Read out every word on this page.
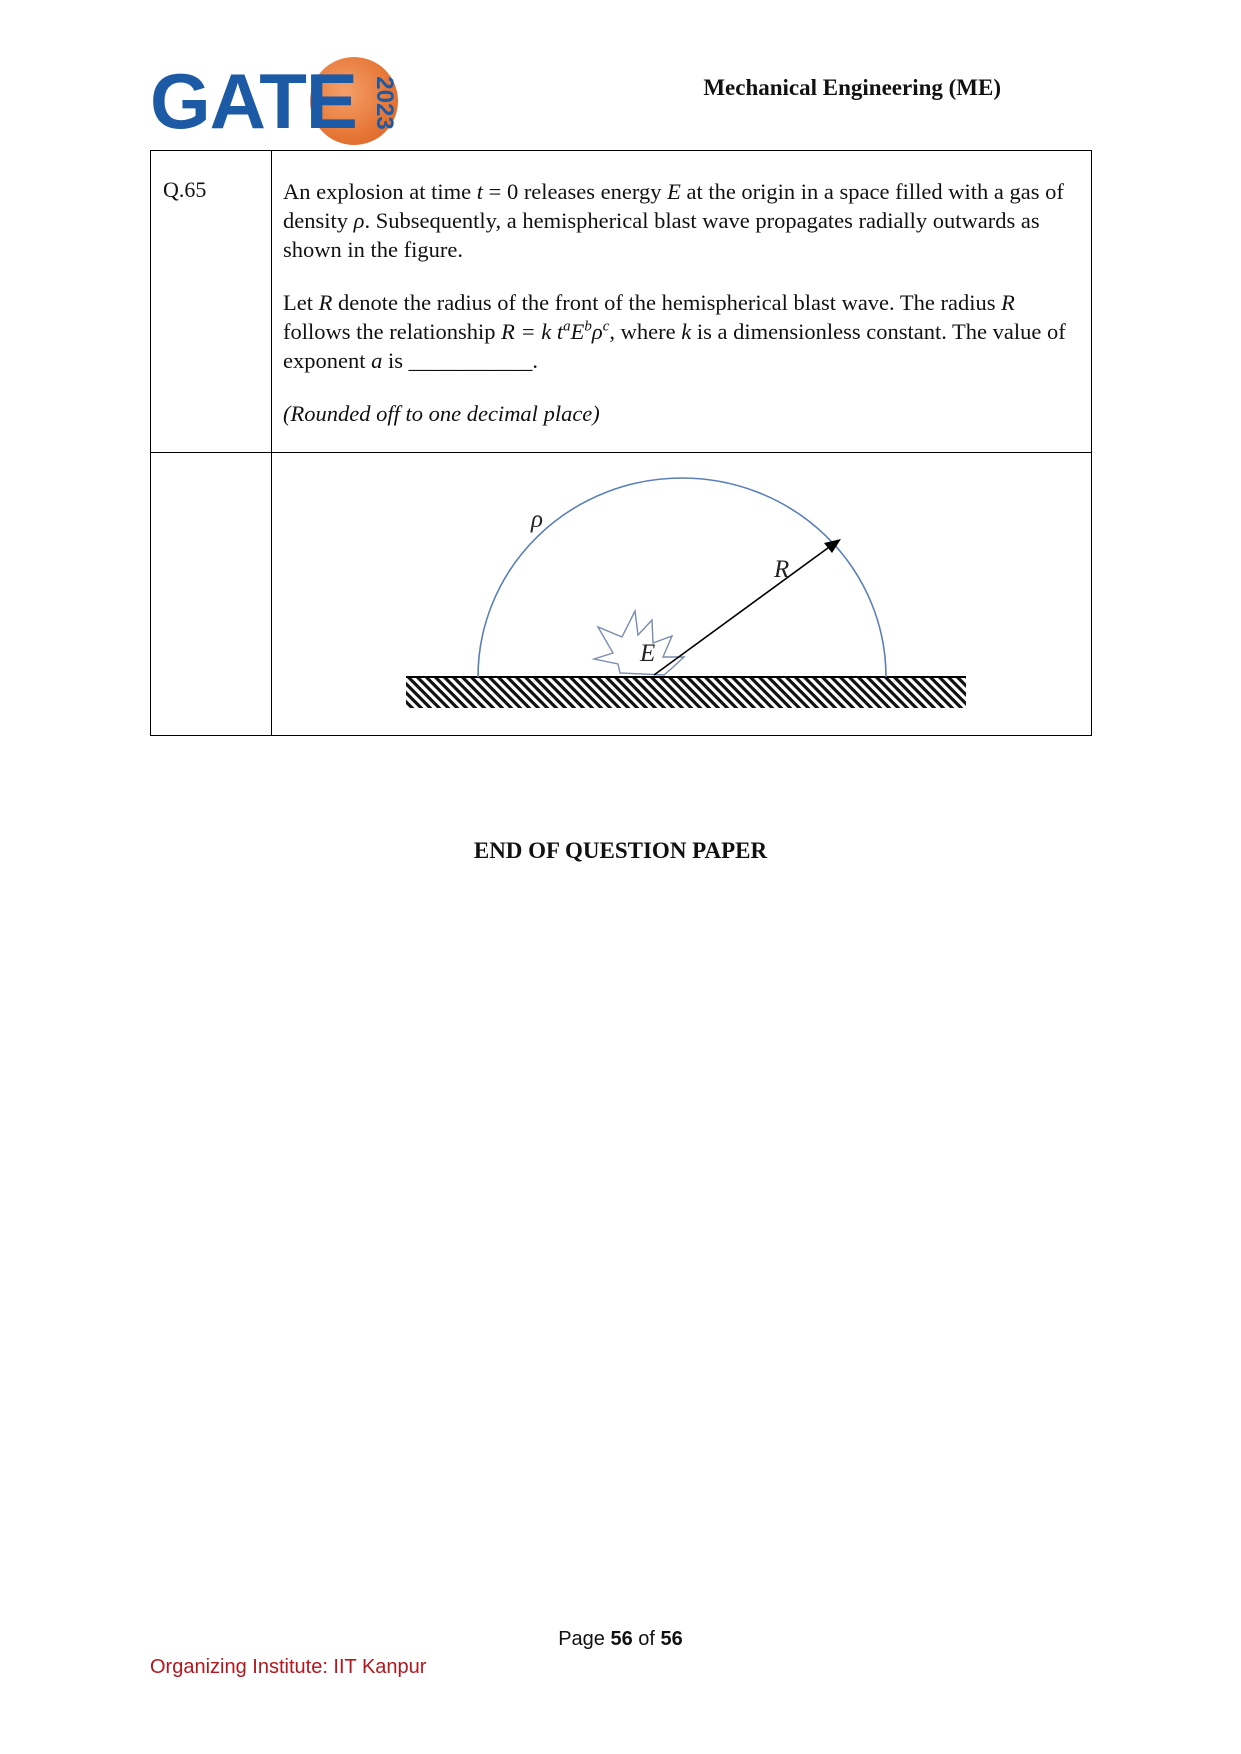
GATE 2023	Mechanical Engineering (ME)
Q.65	An explosion at time t = 0 releases energy E at the origin in a space filled with a gas of density ρ. Subsequently, a hemispherical blast wave propagates radially outwards as shown in the figure.

Let R denote the radius of the front of the hemispherical blast wave. The radius R follows the relationship R = k $t^aE^b\rho^c$, where k is a dimensionless constant. The value of exponent a is ___________.

(Rounded off to one decimal place)

ρ
R
E
END OF QUESTION PAPER
Page 56 of 56
Organizing Institute: IIT Kanpur
